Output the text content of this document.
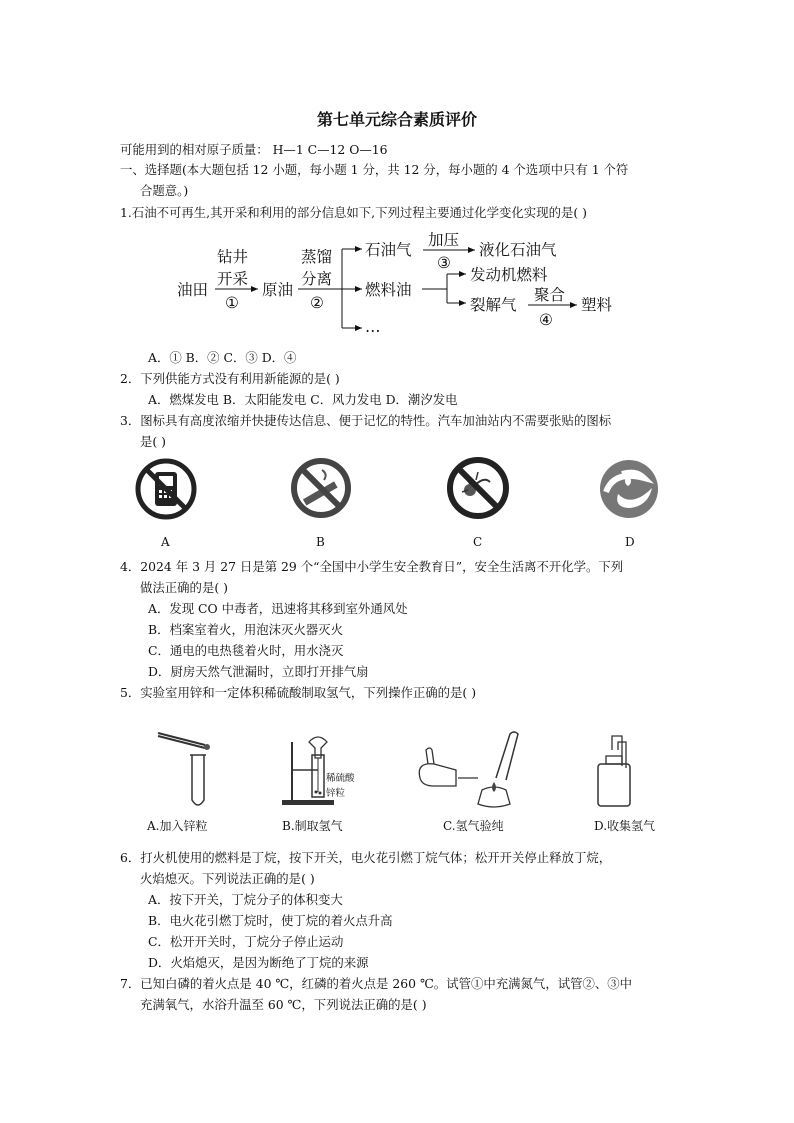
第七单元综合素质评价
可能用到的相对原子质量： H—1 C—12 O—16
一、选择题(本大题包括 12 小题，每小题 1 分，共 12 分，每小题的 4 个选项中只有 1 个符
合题意。)
1.石油不可再生,其开采和利用的部分信息如下,下列过程主要通过化学变化实现的是( )
油田
钻井
开采
①
原油
蒸馏
分离
②
石油气
加压
③
液化石油气
燃料油
…
发动机燃料
裂解气
聚合
④
塑料
A．① B．② C．③ D．④
2．下列供能方式没有利用新能源的是( )
A．燃煤发电 B．太阳能发电 C．风力发电 D．潮汐发电
3．图标具有高度浓缩并快捷传达信息、便于记忆的特性。汽车加油站内不需要张贴的图标
是( )
A	B	C	D
4．2024 年 3 月 27 日是第 29 个“全国中小学生安全教育日”，安全生活离不开化学。下列
做法正确的是( )
A．发现 CO 中毒者，迅速将其移到室外通风处
B．档案室着火，用泡沫灭火器灭火
C．通电的电热毯着火时，用水浇灭
D．厨房天然气泄漏时，立即打开排气扇
5．实验室用锌和一定体积稀硫酸制取氢气，下列操作正确的是( )
A.加入锌粒
稀硫酸
锌粒
B.制取氢气	C.氢气验纯	D.收集氢气
6．打火机使用的燃料是丁烷，按下开关，电火花引燃丁烷气体；松开开关停止释放丁烷，
火焰熄灭。下列说法正确的是( )
A．按下开关，丁烷分子的体积变大
B．电火花引燃丁烷时，使丁烷的着火点升高
C．松开开关时，丁烷分子停止运动
D．火焰熄灭，是因为断绝了丁烷的来源
7．已知白磷的着火点是 40 ℃，红磷的着火点是 260 ℃。试管①中充满氮气，试管②、③中
充满氧气，水浴升温至 60 ℃，下列说法正确的是( )
